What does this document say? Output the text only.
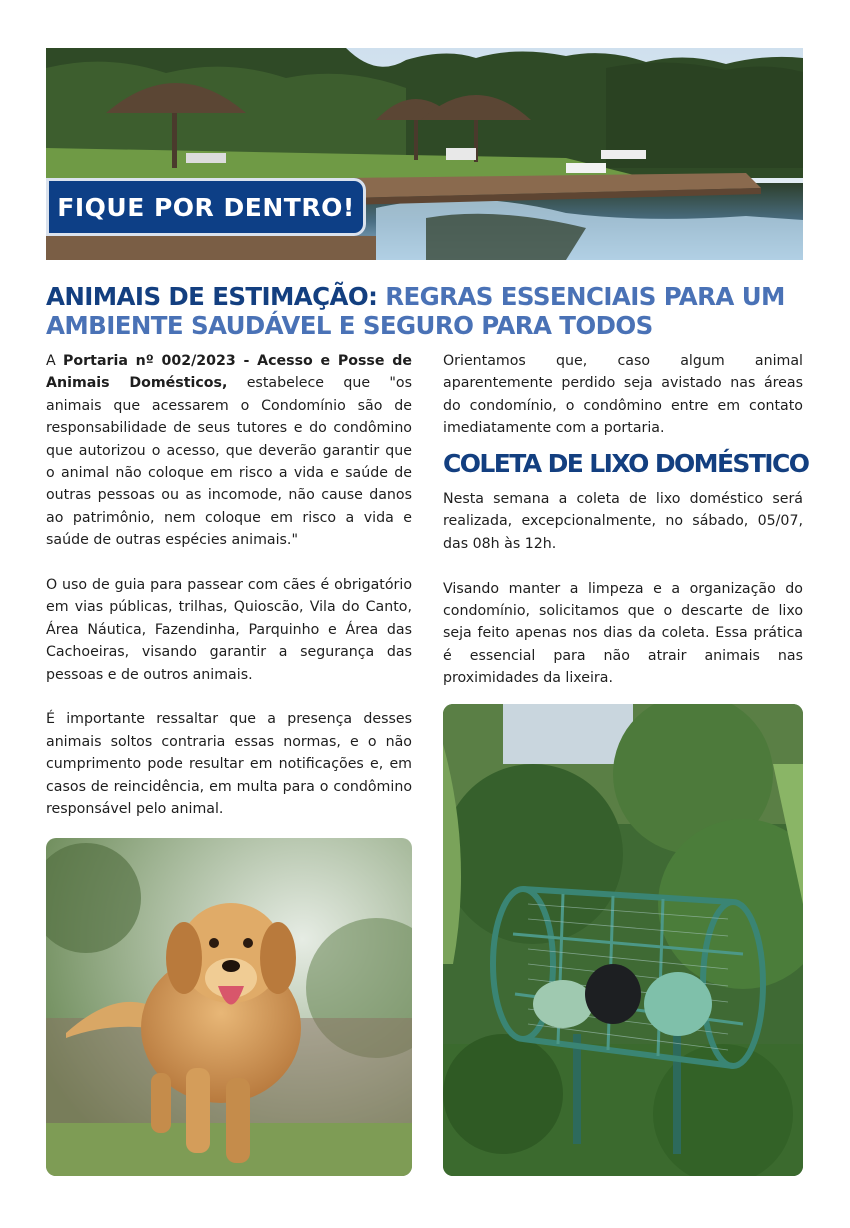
FIQUE POR DENTRO!
ANIMAIS DE ESTIMAÇÃO: REGRAS ESSENCIAIS PARA UM AMBIENTE SAUDÁVEL E SEGURO PARA TODOS

A Portaria nº 002/2023 - Acesso e Posse de Animais Domésticos, estabelece que "os animais que acessarem o Condomínio são de responsabilidade de seus tutores e do condômino que autorizou o acesso, que deverão garantir que o animal não coloque em risco a vida e saúde de outras pessoas ou as incomode, não cause danos ao patrimônio, nem coloque em risco a vida e saúde de outras espécies animais."

O uso de guia para passear com cães é obrigatório em vias públicas, trilhas, Quioscão, Vila do Canto, Área Náutica, Fazendinha, Parquinho e Área das Cachoeiras, visando garantir a segurança das pessoas e de outros animais.

É importante ressaltar que a presença desses animais soltos contraria essas normas, e o não cumprimento pode resultar em notificações e, em casos de reincidência, em multa para o condômino responsável pelo animal.

Orientamos que, caso algum animal aparentemente perdido seja avistado nas áreas do condomínio, o condômino entre em contato imediatamente com a portaria.

COLETA DE LIXO DOMÉSTICO

Nesta semana a coleta de lixo doméstico será realizada, excepcionalmente, no sábado, 05/07, das 08h às 12h.

Visando manter a limpeza e a organização do condomínio, solicitamos que o descarte de lixo seja feito apenas nos dias da coleta. Essa prática é essencial para não atrair animais nas proximidades da lixeira.
